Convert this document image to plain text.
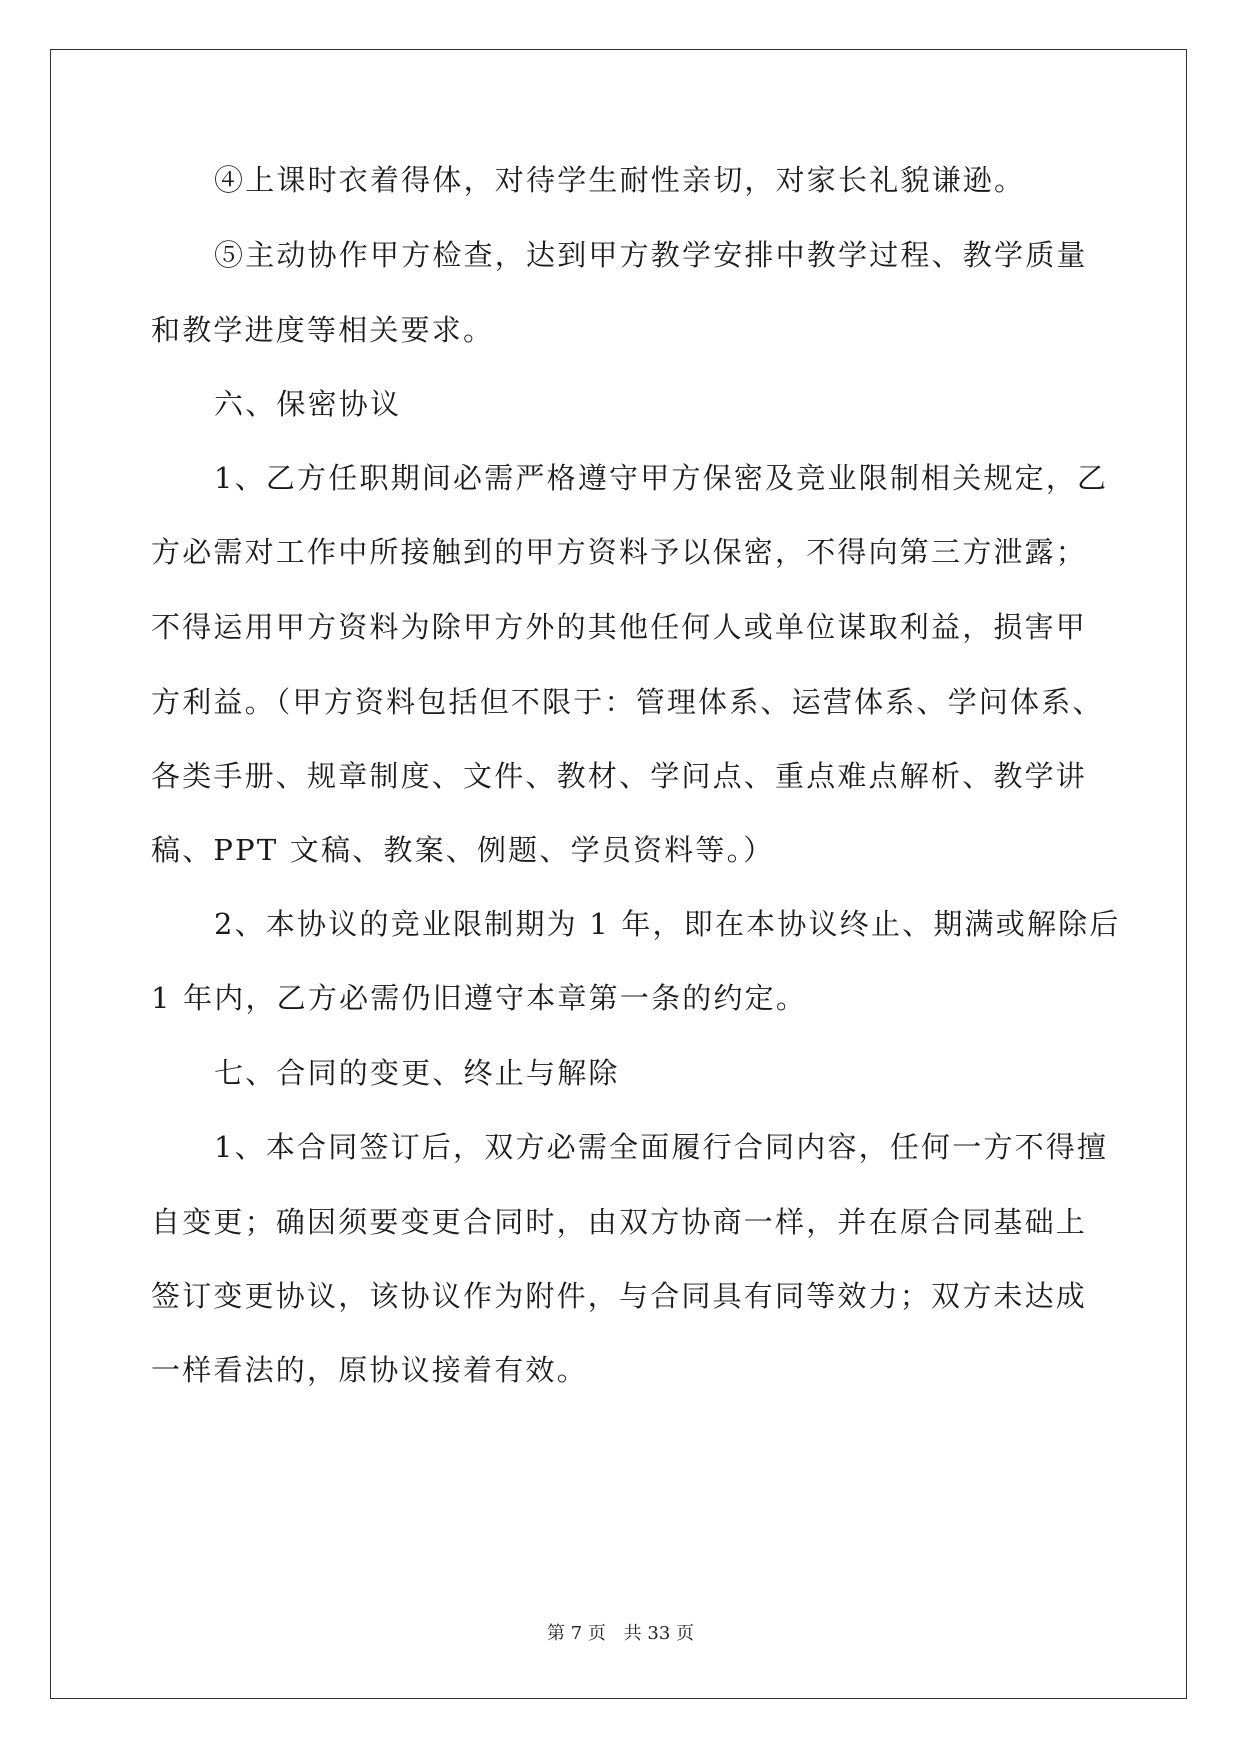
④上课时衣着得体，对待学生耐性亲切，对家长礼貌谦逊。
⑤主动协作甲方检查，达到甲方教学安排中教学过程、教学质量
和教学进度等相关要求。
六、保密协议
1、乙方任职期间必需严格遵守甲方保密及竞业限制相关规定，乙
方必需对工作中所接触到的甲方资料予以保密，不得向第三方泄露；
不得运用甲方资料为除甲方外的其他任何人或单位谋取利益，损害甲
方利益。（甲方资料包括但不限于：管理体系、运营体系、学问体系、
各类手册、规章制度、文件、教材、学问点、重点难点解析、教学讲
稿、PPT 文稿、教案、例题、学员资料等。）
2、本协议的竞业限制期为 1 年，即在本协议终止、期满或解除后
1 年内，乙方必需仍旧遵守本章第一条的约定。
七、合同的变更、终止与解除
1、本合同签订后，双方必需全面履行合同内容，任何一方不得擅
自变更；确因须要变更合同时，由双方协商一样，并在原合同基础上
签订变更协议，该协议作为附件，与合同具有同等效力；双方未达成
一样看法的，原协议接着有效。
第 7 页 共 33 页
